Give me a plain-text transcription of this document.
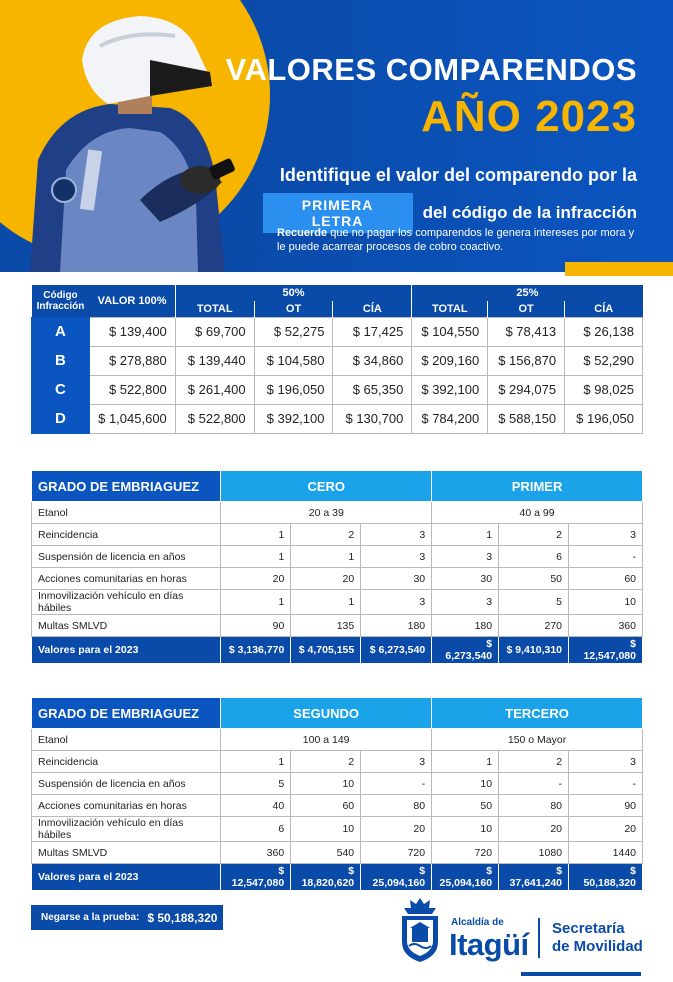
VALORES COMPARENDOS
AÑO 2023
Identifique el valor del comparendo por la
PRIMERA LETRA	del código de la infracción
Recuerde que no pagar los comparendos le genera intereses por mora y le puede acarrear procesos de cobro coactivo.
Código Infracción	VALOR 100%	50%			25%		
		TOTAL	OT	CÍA	TOTAL	OT	CÍA
A	$ 139,400	$ 69,700	$ 52,275	$ 17,425	$ 104,550	$ 78,413	$ 26,138
B	$ 278,880	$ 139,440	$ 104,580	$ 34,860	$ 209,160	$ 156,870	$ 52,290
C	$ 522,800	$ 261,400	$ 196,050	$ 65,350	$ 392,100	$ 294,075	$ 98,025
D	$ 1,045,600	$ 522,800	$ 392,100	$ 130,700	$ 784,200	$ 588,150	$ 196,050
GRADO DE EMBRIAGUEZ	CERO			PRIMER		
Etanol	20 a 39			40 a 99		
Reincidencia	1	2	3	1	2	3
Suspensión de licencia en años	1	1	3	3	6	-
Acciones comunitarias en horas	20	20	30	30	50	60
Inmovilización vehículo en días hábiles	1	1	3	3	5	10
Multas SMLVD	90	135	180	180	270	360
Valores para el 2023	$ 3,136,770	$ 4,705,155	$ 6,273,540	$ 6,273,540	$ 9,410,310	$ 12,547,080
GRADO DE EMBRIAGUEZ	SEGUNDO			TERCERO		
Etanol	100 a 149			150 o Mayor		
Reincidencia	1	2	3	1	2	3
Suspensión de licencia en años	5	10	-	10	-	-
Acciones comunitarias en horas	40	60	80	50	80	90
Inmovilización vehículo en días hábiles	6	10	20	10	20	20
Multas SMLVD	360	540	720	720	1080	1440
Valores para el 2023	$ 12,547,080	$ 18,820,620	$ 25,094,160	$ 25,094,160	$ 37,641,240	$ 50,188,320
Negarse a la prueba: $ 50,188,320	Alcaldía de
Itagüí Secretaría
de Movilidad
